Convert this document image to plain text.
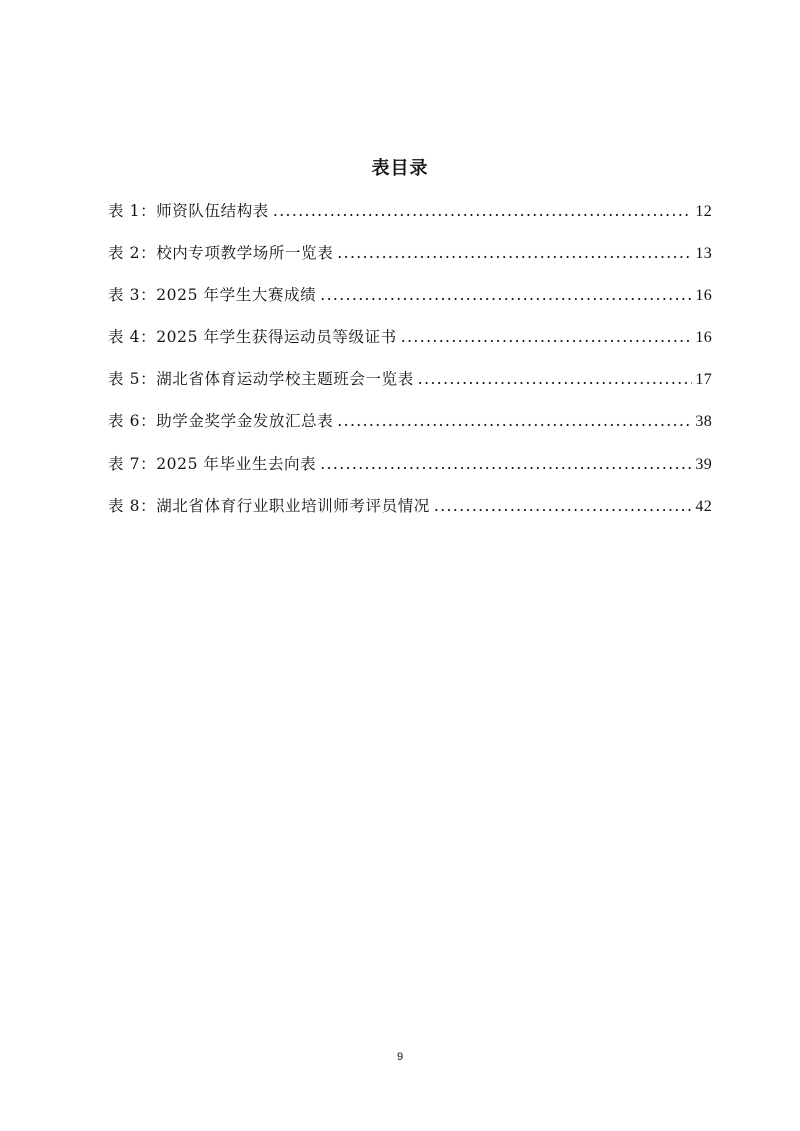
表目录
表 1：师资队伍结构表 .....	12
表 2：校内专项教学场所一览表 .....	13
表 3：2025 年学生大赛成绩 .....	16
表 4：2025 年学生获得运动员等级证书 .....	16
表 5：湖北省体育运动学校主题班会一览表 .....	17
表 6：助学金奖学金发放汇总表 .....	38
表 7：2025 年毕业生去向表 .....	39
表 8：湖北省体育行业职业培训师考评员情况 .....	42
9
